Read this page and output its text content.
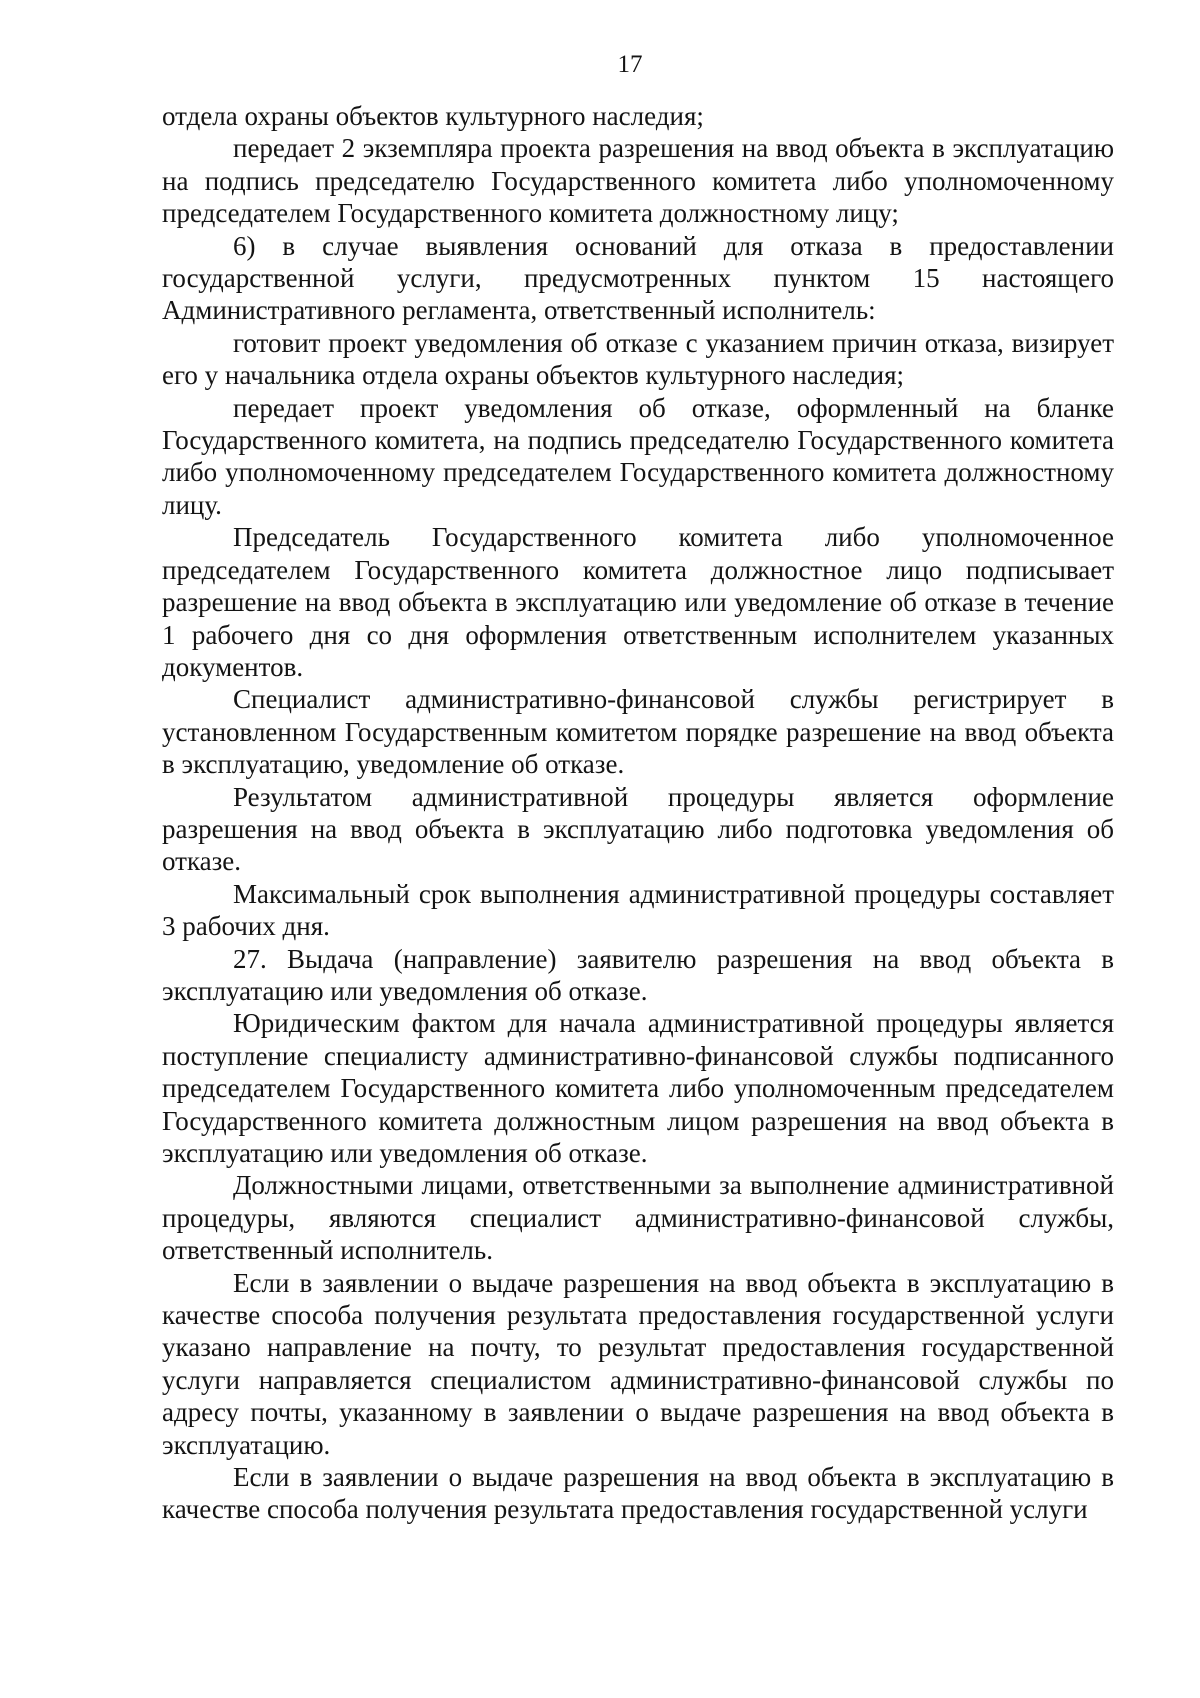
17

отдела охраны объектов культурного наследия;

передает 2 экземпляра проекта разрешения на ввод объекта в эксплуатацию на подпись председателю Государственного комитета либо уполномоченному председателем Государственного комитета должностному лицу;

6) в случае выявления оснований для отказа в предоставлении государственной услуги, предусмотренных пунктом 15 настоящего Административного регламента, ответственный исполнитель:

готовит проект уведомления об отказе с указанием причин отказа, визирует его у начальника отдела охраны объектов культурного наследия;

передает проект уведомления об отказе, оформленный на бланке Государственного комитета, на подпись председателю Государственного комитета либо уполномоченному председателем Государственного комитета должностному лицу.

Председатель Государственного комитета либо уполномоченное председателем Государственного комитета должностное лицо подписывает разрешение на ввод объекта в эксплуатацию или уведомление об отказе в течение 1 рабочего дня со дня оформления ответственным исполнителем указанных документов.

Специалист административно-финансовой службы регистрирует в установленном Государственным комитетом порядке разрешение на ввод объекта в эксплуатацию, уведомление об отказе.

Результатом административной процедуры является оформление разрешения на ввод объекта в эксплуатацию либо подготовка уведомления об отказе.

Максимальный срок выполнения административной процедуры составляет 3 рабочих дня.

27. Выдача (направление) заявителю разрешения на ввод объекта в эксплуатацию или уведомления об отказе.

Юридическим фактом для начала административной процедуры является поступление специалисту административно-финансовой службы подписанного председателем Государственного комитета либо уполномоченным председателем Государственного комитета должностным лицом разрешения на ввод объекта в эксплуатацию или уведомления об отказе.

Должностными лицами, ответственными за выполнение административной процедуры, являются специалист административно-финансовой службы, ответственный исполнитель.

Если в заявлении о выдаче разрешения на ввод объекта в эксплуатацию в качестве способа получения результата предоставления государственной услуги указано направление на почту, то результат предоставления государственной услуги направляется специалистом административно-финансовой службы по адресу почты, указанному в заявлении о выдаче разрешения на ввод объекта в эксплуатацию.

Если в заявлении о выдаче разрешения на ввод объекта в эксплуатацию в качестве способа получения результата предоставления государственной услуги
